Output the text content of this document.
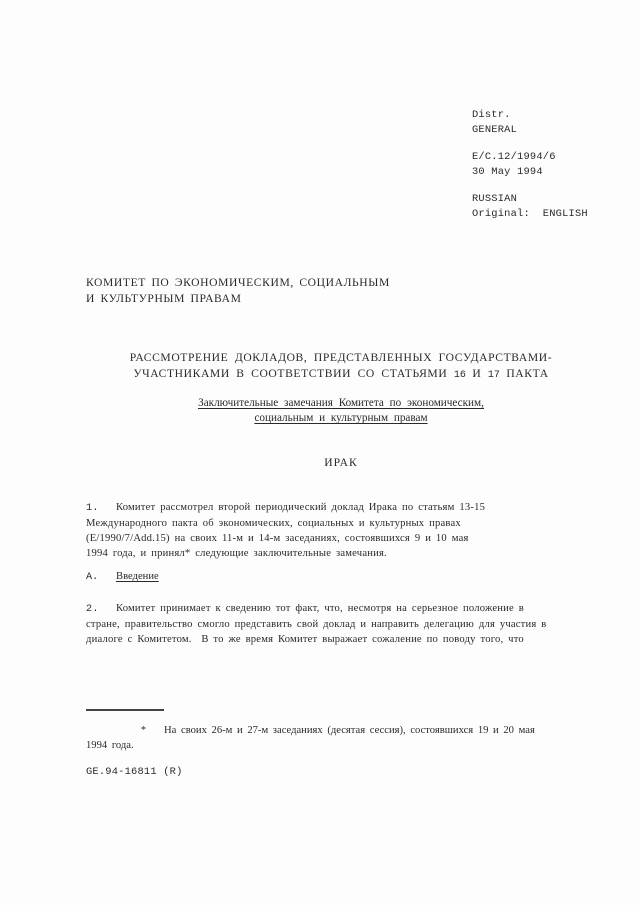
Distr.
GENERAL
E/C.12/1994/6
30 May 1994
RUSSIAN
Original:  ENGLISH
КОМИТЕТ ПО ЭКОНОМИЧЕСКИМ, СОЦИАЛЬНЫМ
И КУЛЬТУРНЫМ ПРАВАМ
РАССМОТРЕНИЕ ДОКЛАДОВ, ПРЕДСТАВЛЕННЫХ ГОСУДАРСТВАМИ-
УЧАСТНИКАМИ В СООТВЕТСТВИИ СО СТАТЬЯМИ 16 И 17 ПАКТА
Заключительные замечания Комитета по экономическим,
социальным и культурным правам
ИРАК
1. Комитет рассмотрел второй периодический доклад Ирака по статьям 13-15
Международного пакта об экономических, социальных и культурных правах
(E/1990/7/Add.15) на своих 11-м и 14-м заседаниях, состоявшихся 9 и 10 мая
1994 года, и принял* следующие заключительные замечания.
A. Введение
2. Комитет принимает к сведению тот факт, что, несмотря на серьезное положение в
стране, правительство смогло представить свой доклад и направить делегацию для участия в
диалоге с Комитетом.  В то же время Комитет выражает сожаление по поводу того, что
* На своих 26-м и 27-м заседаниях (десятая сессия), состоявшихся 19 и 20 мая
1994 года.
GE.94-16811 (R)
